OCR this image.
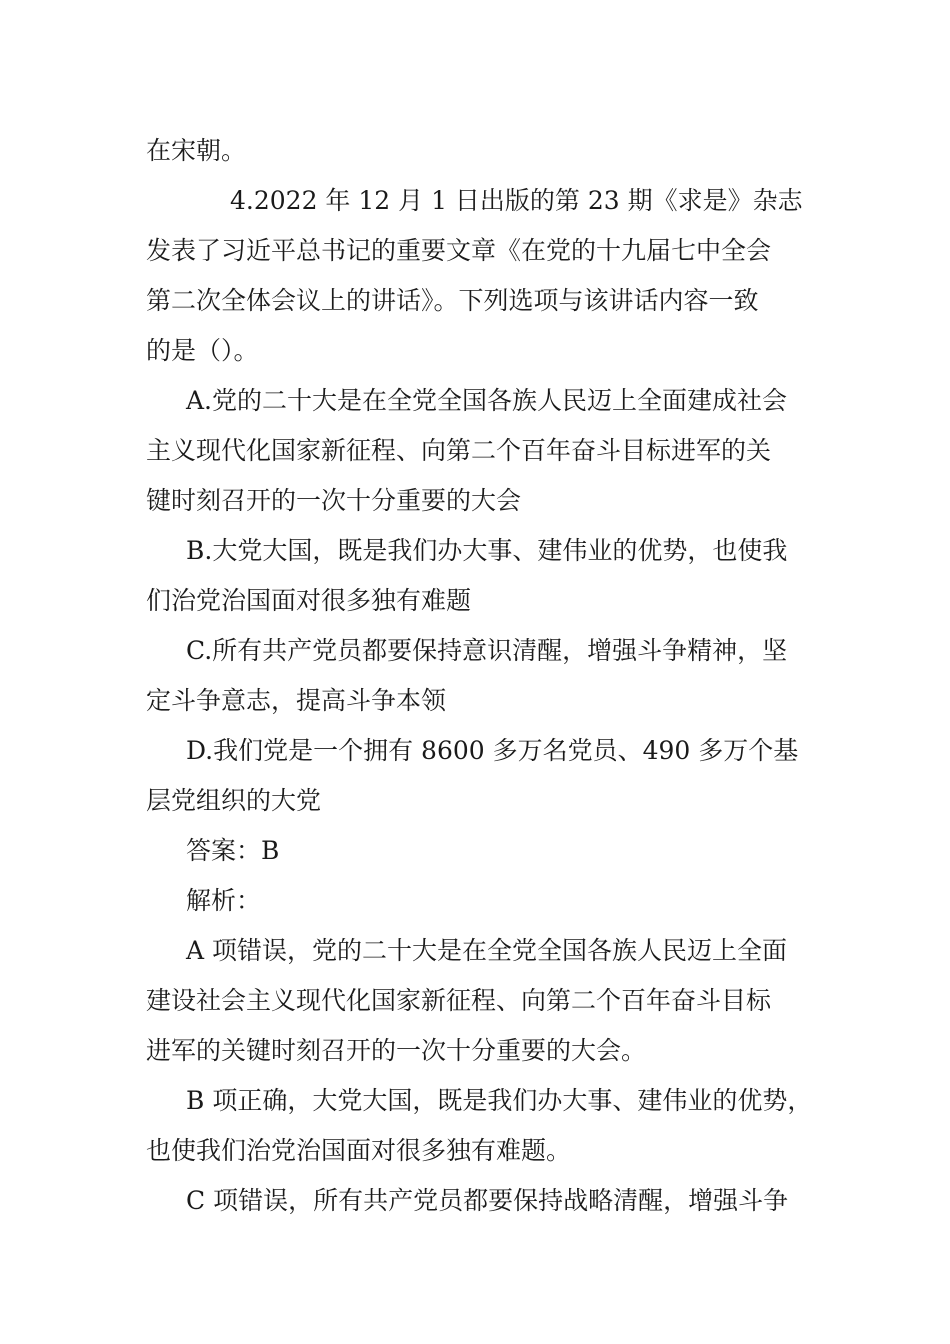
在宋朝。
4.2022 年 12 月 1 日出版的第 23 期《求是》杂志
发表了习近平总书记的重要文章《在党的十九届七中全会
第二次全体会议上的讲话》。下列选项与该讲话内容一致
的是（）。
A.党的二十大是在全党全国各族人民迈上全面建成社会
主义现代化国家新征程、向第二个百年奋斗目标进军的关
键时刻召开的一次十分重要的大会
B.大党大国，既是我们办大事、建伟业的优势，也使我
们治党治国面对很多独有难题
C.所有共产党员都要保持意识清醒，增强斗争精神，坚
定斗争意志，提高斗争本领
D.我们党是一个拥有 8600 多万名党员、490 多万个基
层党组织的大党
答案：B
解析：
A 项错误，党的二十大是在全党全国各族人民迈上全面
建设社会主义现代化国家新征程、向第二个百年奋斗目标
进军的关键时刻召开的一次十分重要的大会。
B 项正确，大党大国，既是我们办大事、建伟业的优势，
也使我们治党治国面对很多独有难题。
C 项错误，所有共产党员都要保持战略清醒，增强斗争
